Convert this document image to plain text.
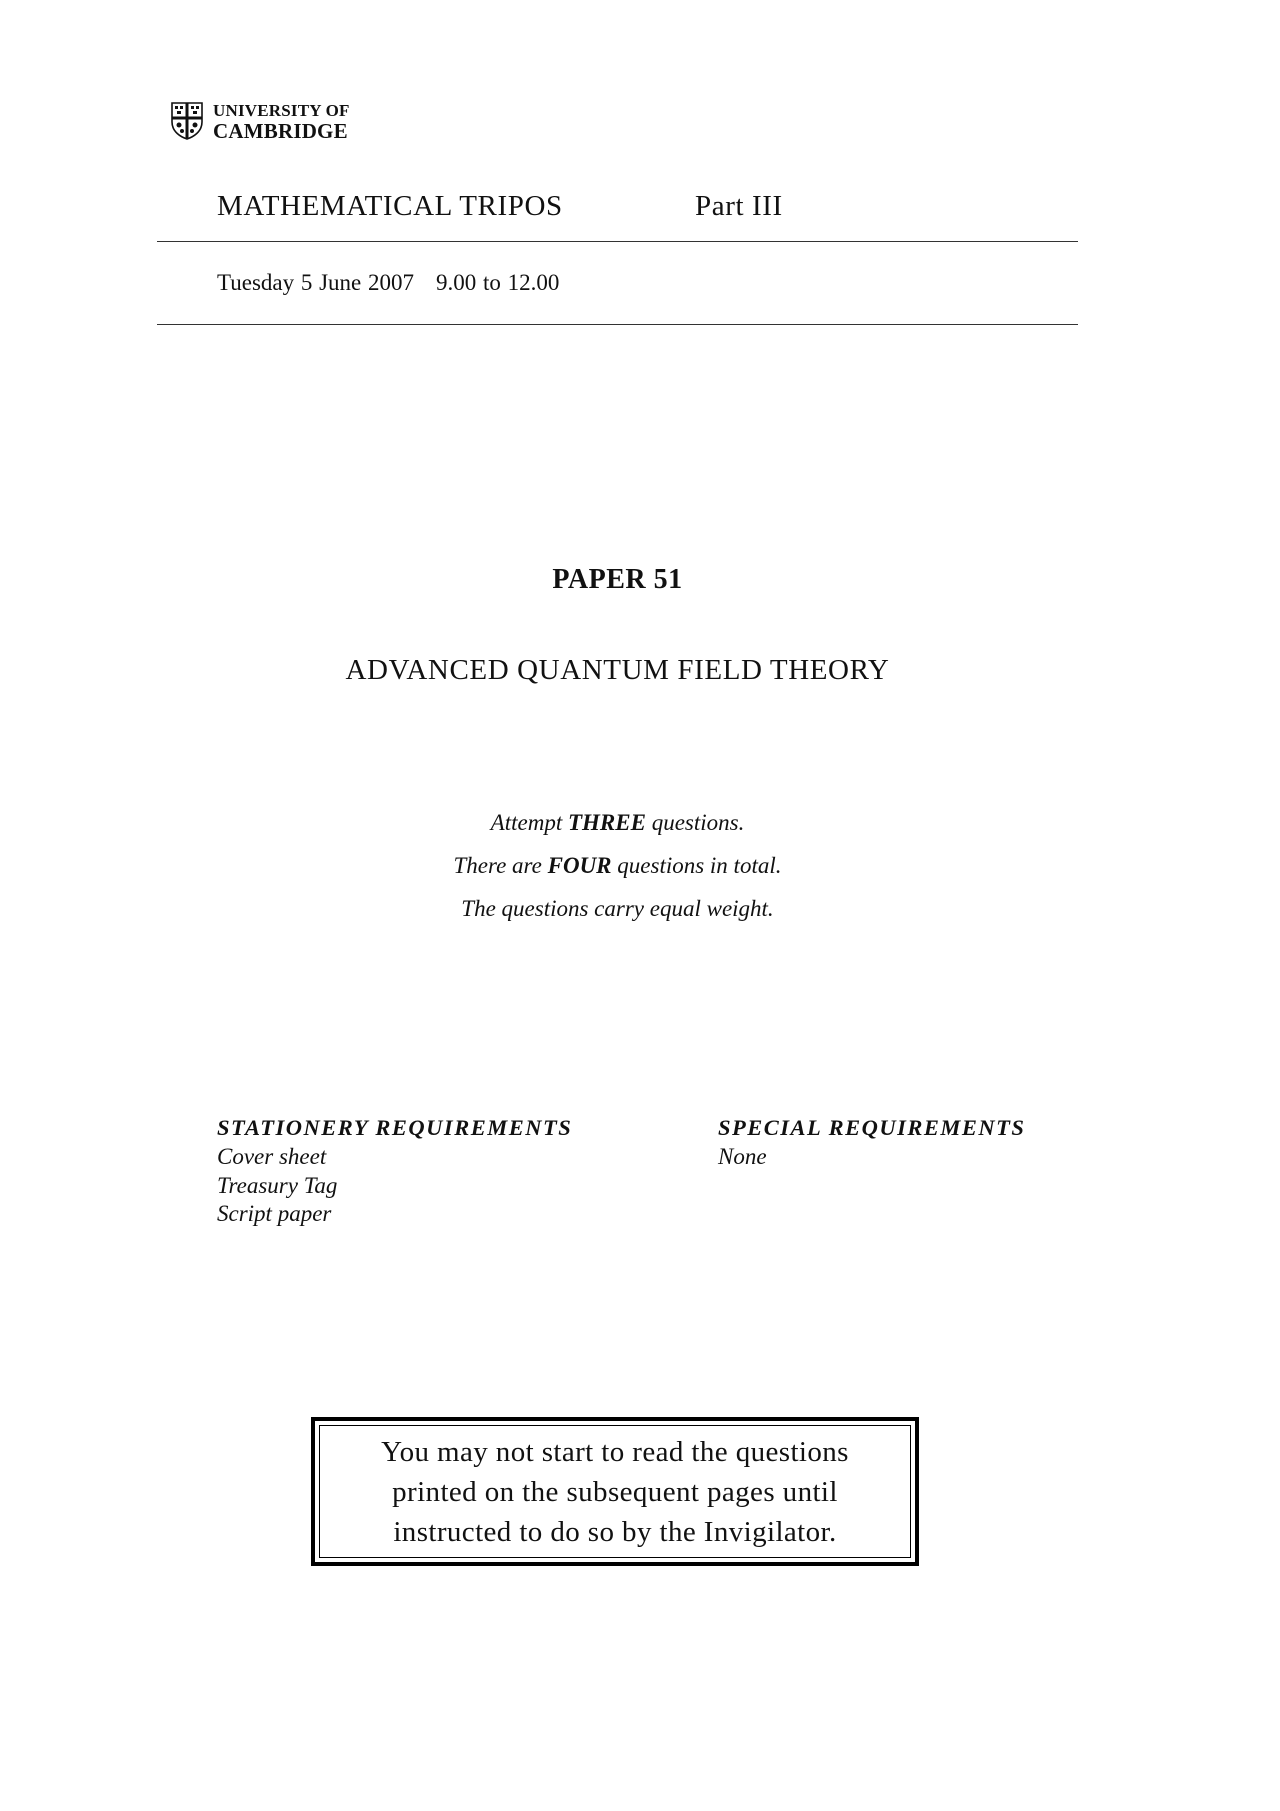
UNIVERSITY OF
CAMBRIDGE
MATHEMATICAL TRIPOS	Part III
Tuesday 5 June 2007 9.00 to 12.00
PAPER 51
ADVANCED QUANTUM FIELD THEORY
Attempt THREE questions.
There are FOUR questions in total.
The questions carry equal weight.
STATIONERY REQUIREMENTS
Cover sheet
Treasury Tag
Script paper
SPECIAL REQUIREMENTS
None
You may not start to read the questions
printed on the subsequent pages until
instructed to do so by the Invigilator.
